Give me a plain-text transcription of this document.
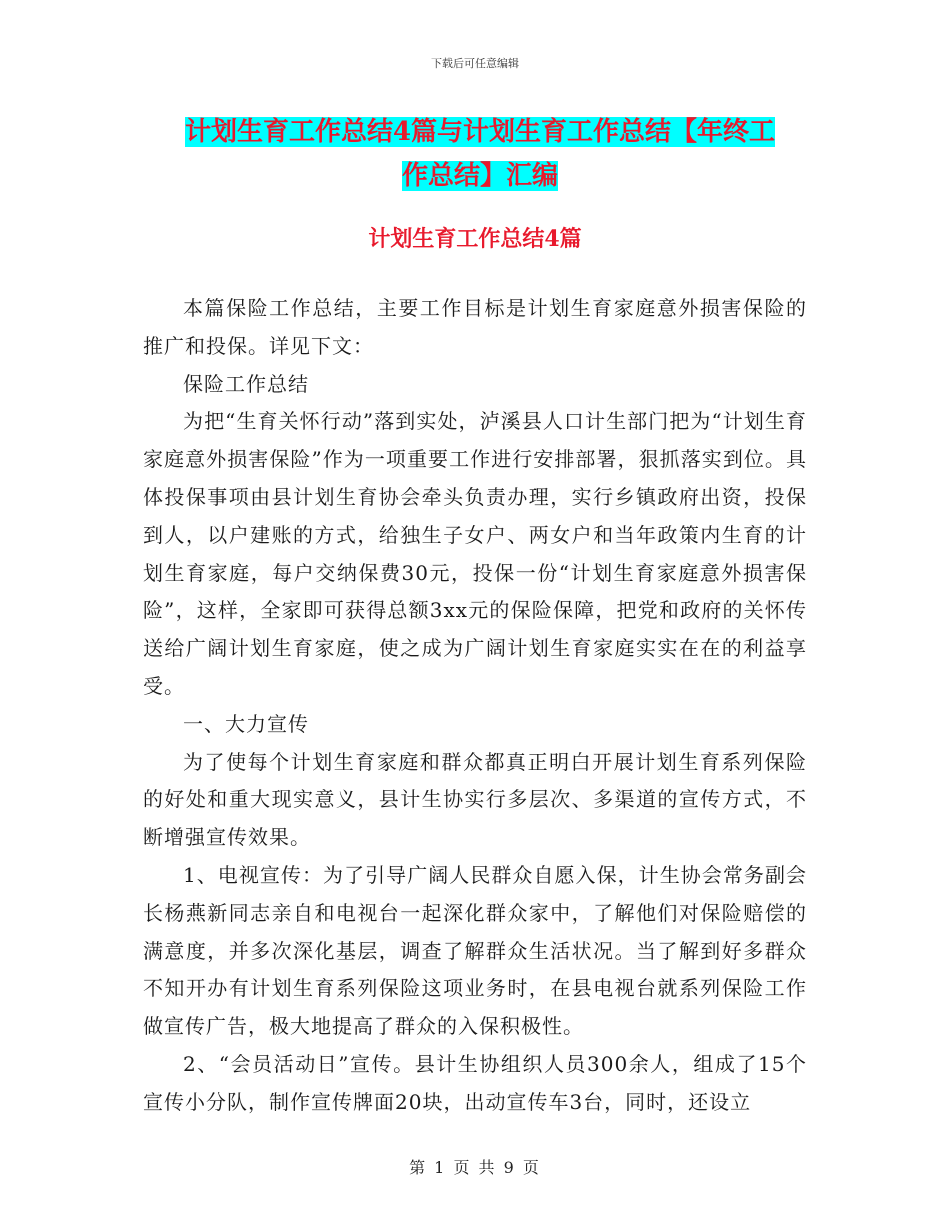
下载后可任意编辑
计划生育工作总结4篇与计划生育工作总结【年终工
作总结】汇编
计划生育工作总结4篇

本篇保险工作总结，主要工作目标是计划生育家庭意外损害保险的推广和投保。详见下文：

保险工作总结

为把“生育关怀行动”落到实处，泸溪县人口计生部门把为“计划生育家庭意外损害保险”作为一项重要工作进行安排部署，狠抓落实到位。具体投保事项由县计划生育协会牵头负责办理，实行乡镇政府出资，投保到人，以户建账的方式，给独生子女户、两女户和当年政策内生育的计划生育家庭，每户交纳保费30元，投保一份“计划生育家庭意外损害保险”，这样，全家即可获得总额3xx元的保险保障，把党和政府的关怀传送给广阔计划生育家庭，使之成为广阔计划生育家庭实实在在的利益享受。

一、大力宣传

为了使每个计划生育家庭和群众都真正明白开展计划生育系列保险的好处和重大现实意义，县计生协实行多层次、多渠道的宣传方式，不断增强宣传效果。

1、电视宣传：为了引导广阔人民群众自愿入保，计生协会常务副会长杨燕新同志亲自和电视台一起深化群众家中，了解他们对保险赔偿的满意度，并多次深化基层，调查了解群众生活状况。当了解到好多群众不知开办有计划生育系列保险这项业务时，在县电视台就系列保险工作做宣传广告，极大地提高了群众的入保积极性。

2、“会员活动日”宣传。县计生协组织人员300余人，组成了15个宣传小分队，制作宣传牌面20块，出动宣传车3台，同时，还设立

第 1 页 共 9 页
